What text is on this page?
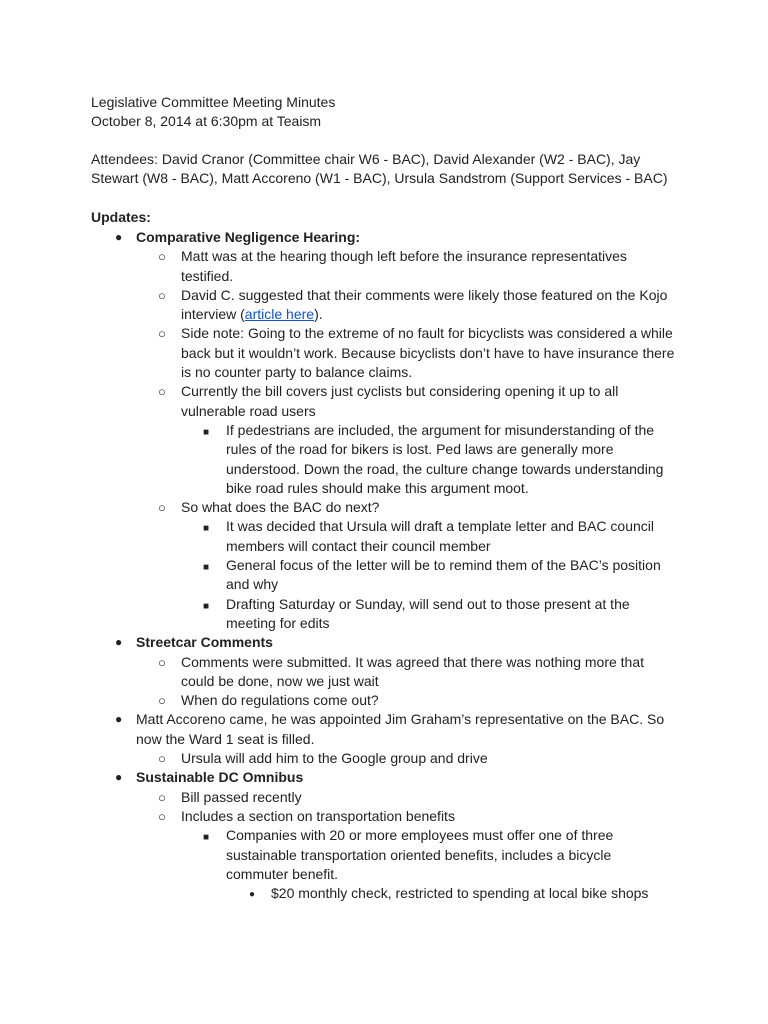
Legislative Committee Meeting Minutes
October 8, 2014 at 6:30pm at Teaism

Attendees: David Cranor (Committee chair W6 - BAC), David Alexander (W2 - BAC), Jay Stewart (W8 - BAC), Matt Accoreno (W1 - BAC), Ursula Sandstrom (Support Services - BAC)

Updates:

● Comparative Negligence Hearing:
○ Matt was at the hearing though left before the insurance representatives testified.
○ David C. suggested that their comments were likely those featured on the Kojo interview (article here).
○ Side note: Going to the extreme of no fault for bicyclists was considered a while back but it wouldn’t work. Because bicyclists don’t have to have insurance there is no counter party to balance claims.
○ Currently the bill covers just cyclists but considering opening it up to all vulnerable road users
■ If pedestrians are included, the argument for misunderstanding of the rules of the road for bikers is lost. Ped laws are generally more understood. Down the road, the culture change towards understanding bike road rules should make this argument moot.
○ So what does the BAC do next?
■ It was decided that Ursula will draft a template letter and BAC council members will contact their council member
■ General focus of the letter will be to remind them of the BAC’s position and why
■ Drafting Saturday or Sunday, will send out to those present at the meeting for edits
● Streetcar Comments
○ Comments were submitted. It was agreed that there was nothing more that could be done, now we just wait
○ When do regulations come out?
● Matt Accoreno came, he was appointed Jim Graham’s representative on the BAC. So now the Ward 1 seat is filled.
○ Ursula will add him to the Google group and drive
● Sustainable DC Omnibus
○ Bill passed recently
○ Includes a section on transportation benefits
■ Companies with 20 or more employees must offer one of three sustainable transportation oriented benefits, includes a bicycle commuter benefit.
● $20 monthly check, restricted to spending at local bike shops
